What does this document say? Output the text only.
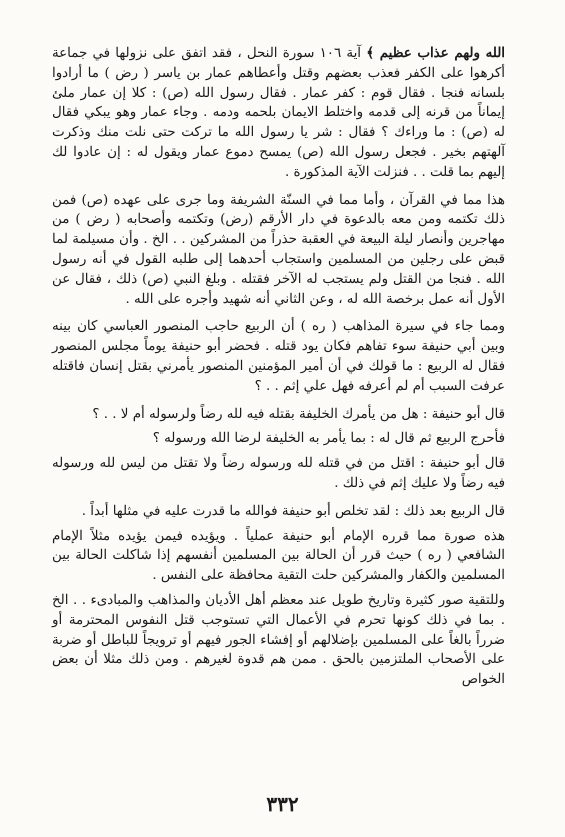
الله ولهم عذاب عظيم ﴾ آية ١٠٦ سورة النحل ، فقد اتفق على نزولها في جماعة أكرهوا على الكفر فعذب بعضهم وقتل وأعطاهم عمار بن ياسر ( رض ) ما أرادوا بلسانه فنجا . فقال قوم : كفر عمار . فقال رسول الله (ص) : كلا إن عمار ملئ إيماناً من قرنه إلى قدمه واختلط الايمان بلحمه ودمه . وجاء عمار وهو يبكي فقال له (ص) : ما وراءك ؟ فقال : شر يا رسول الله ما تركت حتى نلت منك وذكرت آلهتهم بخير . فجعل رسول الله (ص) يمسح دموع عمار ويقول له : إن عادوا لك إليهم بما قلت . . فنزلت الآية المذكورة .

هذا مما في القرآن ، وأما مما في السنّة الشريفة وما جرى على عهده (ص) فمن ذلك تكتمه ومن معه بالدعوة في دار الأرقم (رض) وتكتمه وأصحابه ( رض ) من مهاجرين وأنصار ليلة البيعة في العقبة حذراً من المشركين . . الخ . وأن مسيلمة لما قبض على رجلين من المسلمين واستجاب أحدهما إلى طلبه القول في أنه رسول الله . فنجا من القتل ولم يستجب له الآخر فقتله . وبلغ النبي (ص) ذلك ، فقال عن الأول أنه عمل برخصة الله له ، وعن الثاني أنه شهيد وأجره على الله .

ومما جاء في سيرة المذاهب ( ره ) أن الربيع حاجب المنصور العباسي كان بينه وبين أبي حنيفة سوء تفاهم فكان يود قتله . فحضر أبو حنيفة يوماً مجلس المنصور فقال له الربيع : ما قولك في أن أمير المؤمنين المنصور يأمرني بقتل إنسان فاقتله عرفت السبب أم لم أعرفه فهل علي إثم . . ؟

قال أبو حنيفة : هل من يأمرك الخليفة بقتله فيه لله رضاً ولرسوله أم لا . . ؟

فأحرج الربيع ثم قال له : بما يأمر به الخليفة لرضا الله ورسوله ؟

قال أبو حنيفة : اقتل من في قتله لله ورسوله رضاً ولا تقتل من ليس لله ورسوله فيه رضاً ولا عليك إثم في ذلك .

قال الربيع بعد ذلك : لقد تخلص أبو حنيفة فوالله ما قدرت عليه في مثلها أبداً .

هذه صورة مما قرره الإمام أبو حنيفة عملياً . ويؤيده فيمن يؤيده مثلاً الإمام الشافعي ( ره ) حيث قرر أن الحالة بين المسلمين أنفسهم إذا شاكلت الحالة بين المسلمين والكفار والمشركين حلت التقية محافظة على النفس .

وللتقية صور كثيرة وتاريخ طويل عند معظم أهل الأديان والمذاهب والمبادىء . . الخ . بما في ذلك كونها تحرم في الأعمال التي تستوجب قتل النفوس المحترمة أو ضرراً بالغاً على المسلمين بإضلالهم أو إفشاء الجور فيهم أو ترويجاً للباطل أو ضربة على الأصحاب الملتزمين بالحق . ممن هم قدوة لغيرهم . ومن ذلك مثلا أن بعض الخواص

٣٣٢
